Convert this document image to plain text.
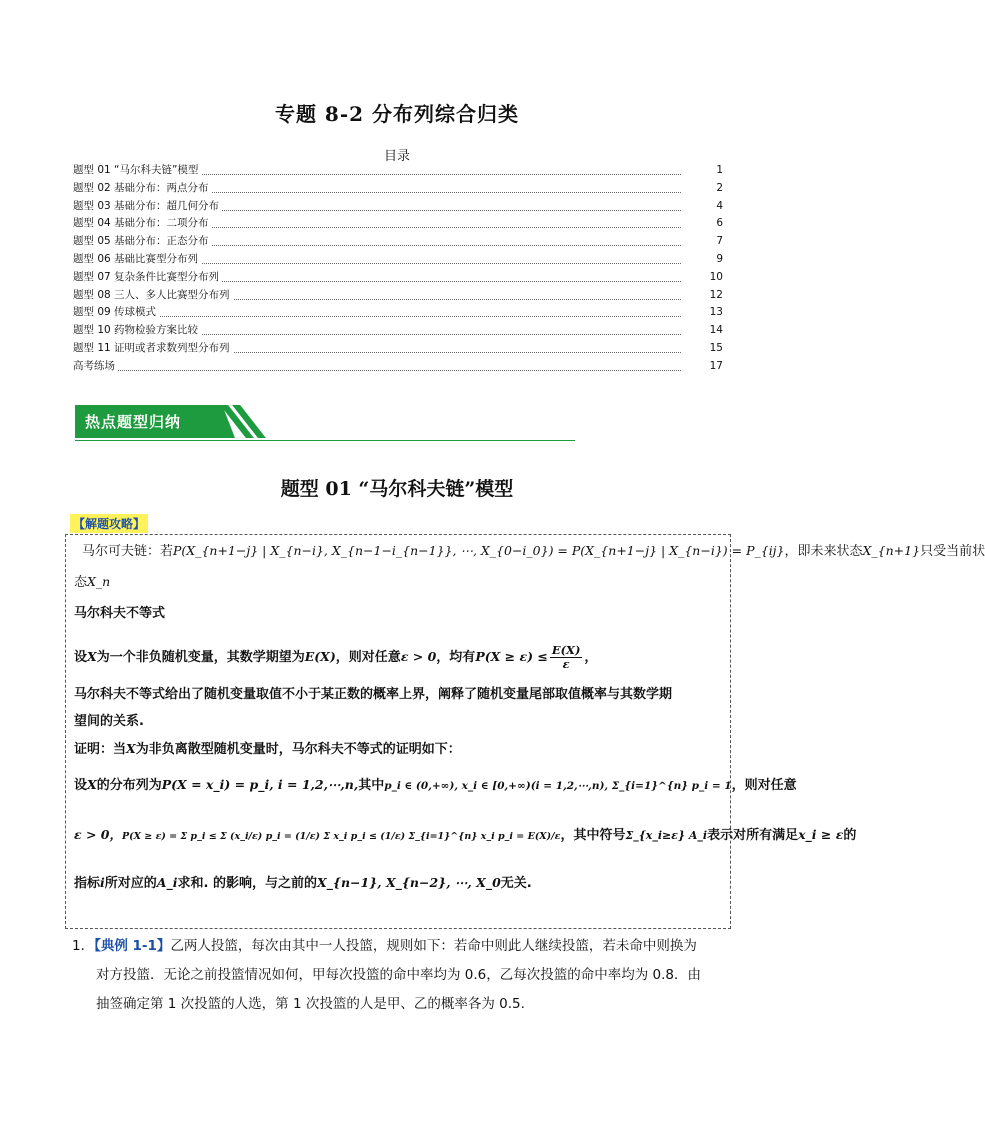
专题 8-2 分布列综合归类
目录
题型 01 “马尔科夫链”模型	1
题型 02 基础分布：两点分布	2
题型 03 基础分布：超几何分布	4
题型 04 基础分布：二项分布	6
题型 05 基础分布：正态分布	7
题型 06 基础比赛型分布列	9
题型 07 复杂条件比赛型分布列	10
题型 08 三人、多人比赛型分布列	12
题型 09 传球模式	13
题型 10 药物检验方案比较	14
题型 11 证明或者求数列型分布列	15
高考练场	17
热点题型归纳
题型 01 “马尔科夫链”模型
【解题攻略】
马尔可夫链：若P(X_{n+1−j} | X_{n−i}, X_{n−1−i_{n−1}}, ⋯, X_{0−i_0}) = P(X_{n+1−j} | X_{n−i}) = P_{ij}，即未来状态X_{n+1}只受当前状
态X_n
马尔科夫不等式
设X为一个非负随机变量，其数学期望为E(X)，则对任意ε > 0，均有$P(X \ge \varepsilon) \le \frac{E(X)}{\varepsilon}$ ，
马尔科夫不等式给出了随机变量取值不小于某正数的概率上界，阐释了随机变量尾部取值概率与其数学期
望间的关系.
证明：当X为非负离散型随机变量时，马尔科夫不等式的证明如下：
设X的分布列为P(X = x_i) = p_i, i = 1,2,⋯,n,其中p_i ∈ (0,+∞), x_i ∈ [0,+∞)(i = 1,2,⋯,n), Σ_{i=1}^{n} p_i = 1，则对任意
ε > 0，P(X ≥ ε) = Σ p_i ≤ Σ (x_i/ε) p_i = (1/ε) Σ x_i p_i ≤ (1/ε) Σ_{i=1}^{n} x_i p_i = E(X)/ε，其中符号Σ_{x_i≥ε} A_i表示对所有满足x_i ≥ ε的
指标i所对应的A_i求和. 的影响，与之前的X_{n−1}, X_{n−2}, ⋯, X_0无关.
1．【典例 1-1】乙两人投篮，每次由其中一人投篮，规则如下：若命中则此人继续投篮，若未命中则换为
对方投篮．无论之前投篮情况如何，甲每次投篮的命中率均为 0.6，乙每次投篮的命中率均为 0.8．由
抽签确定第 1 次投篮的人选，第 1 次投篮的人是甲、乙的概率各为 0.5.
